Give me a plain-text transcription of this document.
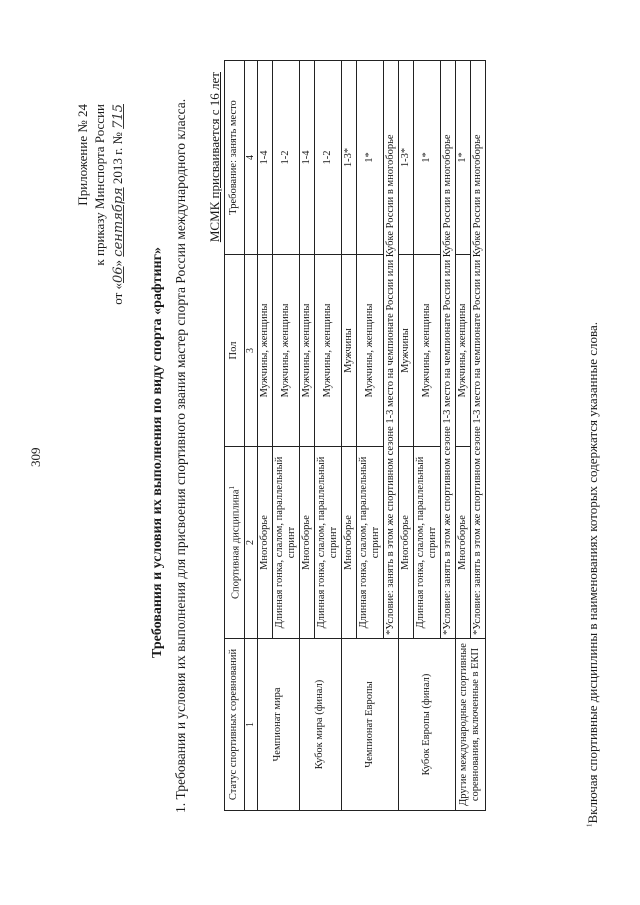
309
Приложение № 24 к приказу Минспорта России
от «06» сентября 2013 г. № 715
Требования и условия их выполнения по виду спорта «рафтинг» 1. Требования и условия их выполнения для присвоения спортивного звания мастер спорта России международного класса. МСМК присваивается с 16 лет
Статус спортивных соревнований	Спортивная дисциплина$^1$	Пол	Требование: занять место
1	2	3	4
Чемпионат мира	Многоборье	Мужчины, женщины	1-4
	Длинная гонка, слалом, параллельный спринт	Мужчины, женщины	1-2
Кубок мира (финал)	Многоборье	Мужчины, женщины	1-4
	Длинная гонка, слалом, параллельный спринт	Мужчины, женщины	1-2
Чемпионат Европы	Многоборье	Мужчины	1-3*
	Длинная гонка, слалом, параллельный спринт	Мужчины, женщины	1*
	*Условие: занять в этом же спортивном сезоне 1-3 место на чемпионате России или Кубке России в многоборье		
Кубок Европы (финал)	Многоборье	Мужчины	1-3*
	Длинная гонка, слалом, параллельный спринт	Мужчины, женщины	1*
	*Условие: занять в этом же спортивном сезоне 1-3 место на чемпионате России или Кубке России в многоборье		
Другие международные спортивные соревнования, включенные в ЕКП	Многоборье	Мужчины, женщины	1*
	*Условие: занять в этом же спортивном сезоне 1-3 место на чемпионате России или Кубке России в многоборье		
$^1$Включая спортивные дисциплины в наименованиях которых содержатся указанные слова.
